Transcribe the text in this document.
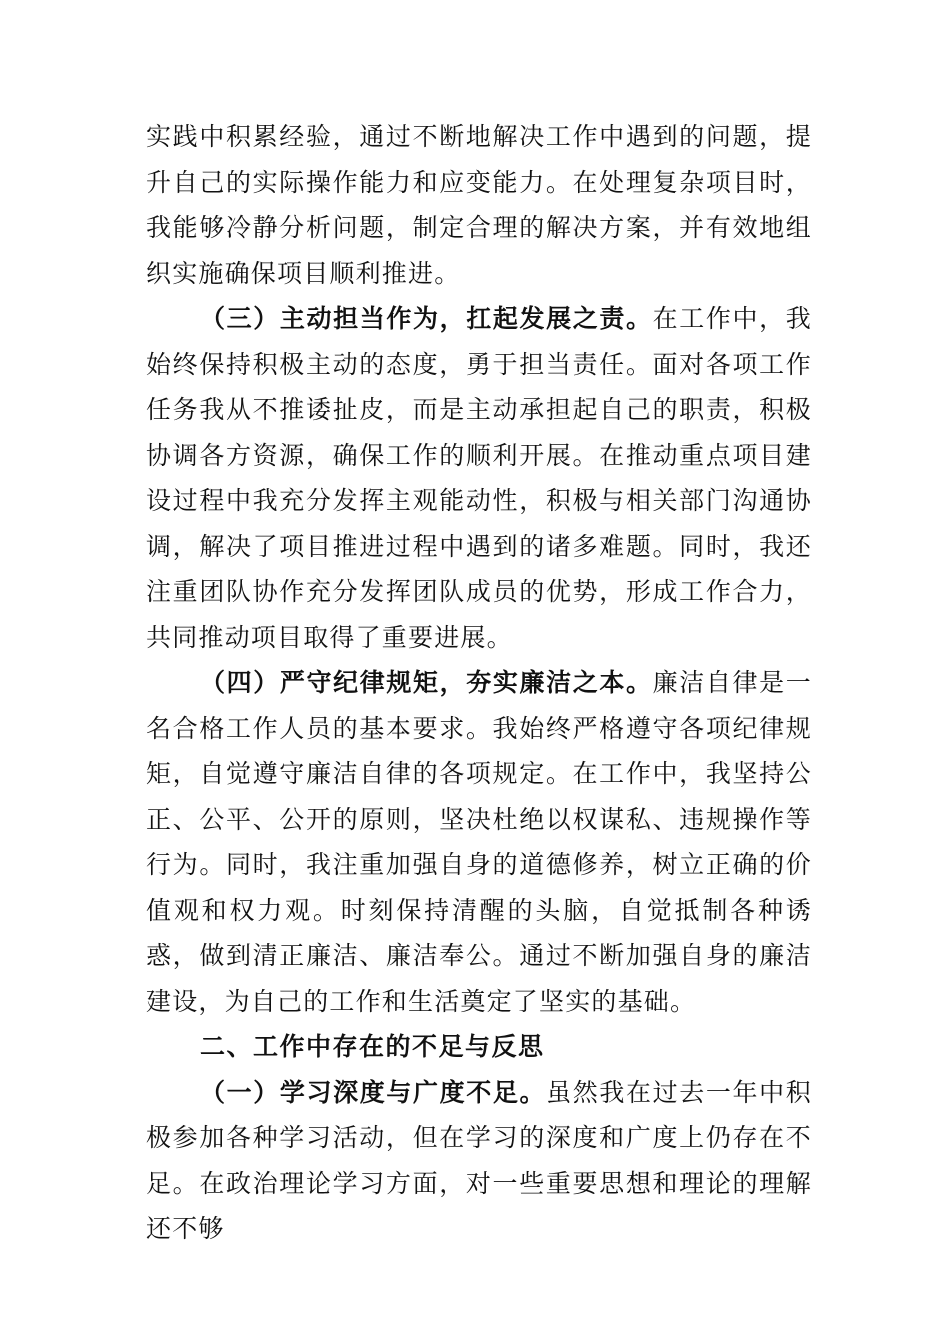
实践中积累经验，通过不断地解决工作中遇到的问题，提升自己的实际操作能力和应变能力。在处理复杂项目时，我能够冷静分析问题，制定合理的解决方案，并有效地组织实施确保项目顺利推进。

（三）主动担当作为，扛起发展之责。在工作中，我始终保持积极主动的态度，勇于担当责任。面对各项工作任务我从不推诿扯皮，而是主动承担起自己的职责，积极协调各方资源，确保工作的顺利开展。在推动重点项目建设过程中我充分发挥主观能动性，积极与相关部门沟通协调，解决了项目推进过程中遇到的诸多难题。同时，我还注重团队协作充分发挥团队成员的优势，形成工作合力，共同推动项目取得了重要进展。

（四）严守纪律规矩，夯实廉洁之本。廉洁自律是一名合格工作人员的基本要求。我始终严格遵守各项纪律规矩，自觉遵守廉洁自律的各项规定。在工作中，我坚持公正、公平、公开的原则，坚决杜绝以权谋私、违规操作等行为。同时，我注重加强自身的道德修养，树立正确的价值观和权力观。时刻保持清醒的头脑，自觉抵制各种诱惑，做到清正廉洁、廉洁奉公。通过不断加强自身的廉洁建设，为自己的工作和生活奠定了坚实的基础。

二、工作中存在的不足与反思

（一）学习深度与广度不足。虽然我在过去一年中积极参加各种学习活动，但在学习的深度和广度上仍存在不足。在政治理论学习方面，对一些重要思想和理论的理解还不够
